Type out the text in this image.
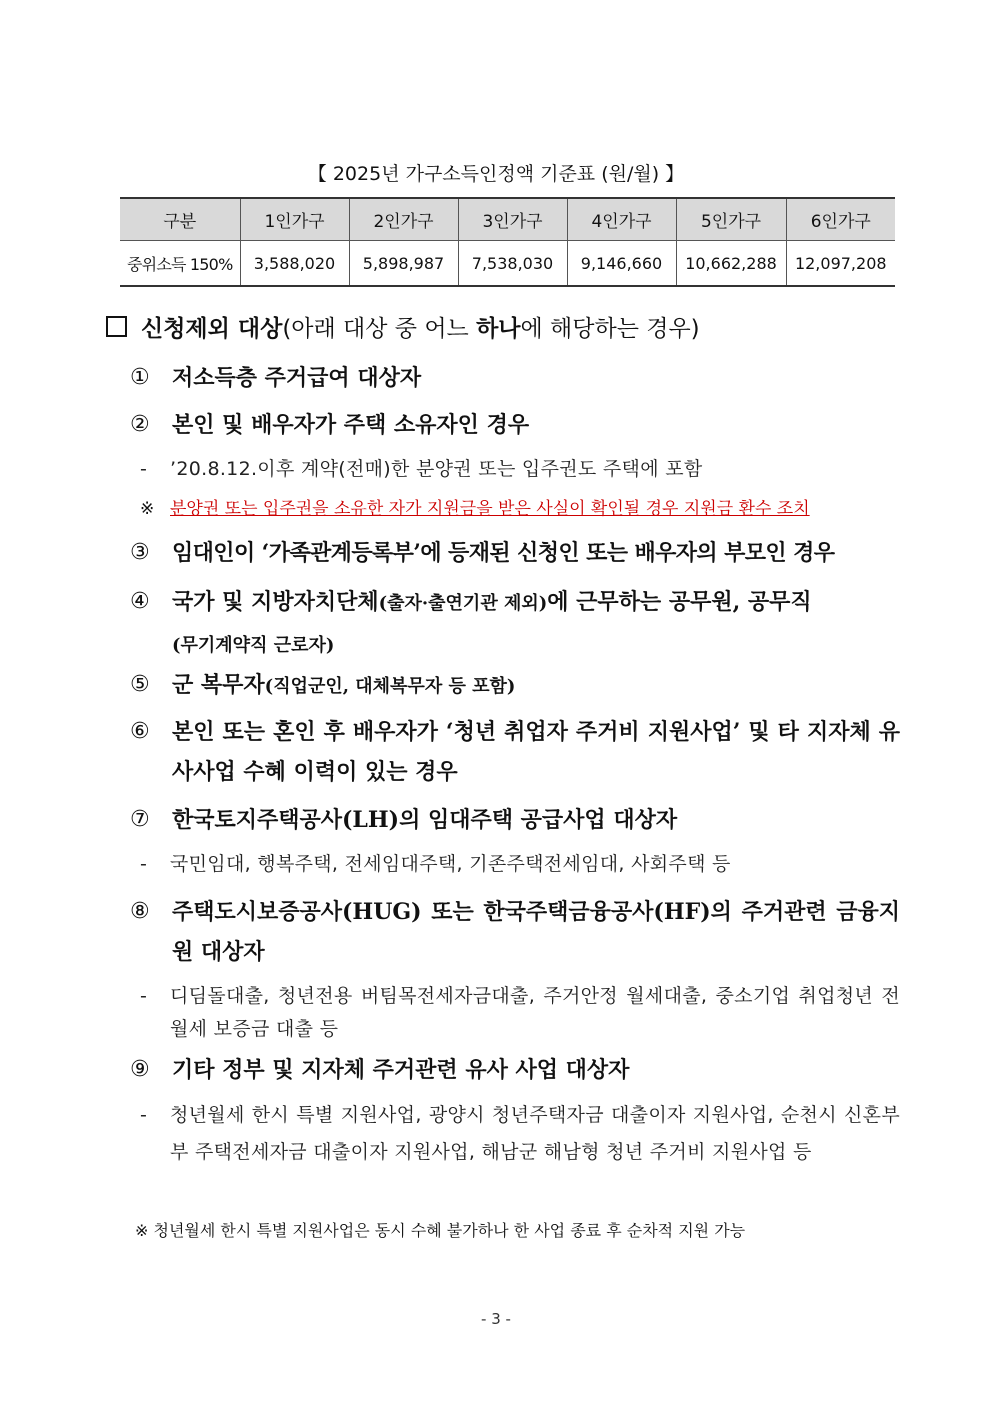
【 2025년 가구소득인정액 기준표 (원/월) 】
구분	1인가구	2인가구	3인가구	4인가구	5인가구	6인가구
중위소득 150%	3,588,020	5,898,987	7,538,030	9,146,660	10,662,288	12,097,208
신청제외 대상(아래 대상 중 어느 하나에 해당하는 경우)
①	저소득층 주거급여 대상자
②	본인 및 배우자가 주택 소유자인 경우
- ’20.8.12.이후 계약(전매)한 분양권 또는 입주권도 주택에 포함
※ 분양권 또는 입주권을 소유한 자가 지원금을 받은 사실이 확인될 경우 지원금 환수 조치
③	임대인이 ‘가족관계등록부’에 등재된 신청인 또는 배우자의 부모인 경우
④	국가 및 지방자치단체(출자·출연기관 제외)에 근무하는 공무원, 공무직
(무기계약직 근로자)
⑤	군 복무자(직업군인, 대체복무자 등 포함)
⑥	본인 또는 혼인 후 배우자가 ‘청년 취업자 주거비 지원사업’ 및 타 지자체 유사사업 수혜 이력이 있는 경우
⑦	한국토지주택공사(LH)의 임대주택 공급사업 대상자
- 국민임대, 행복주택, 전세임대주택, 기존주택전세임대, 사회주택 등
⑧	주택도시보증공사(HUG) 또는 한국주택금융공사(HF)의 주거관련 금융지원 대상자
- 디딤돌대출, 청년전용 버팀목전세자금대출, 주거안정 월세대출, 중소기업 취업청년 전월세 보증금 대출 등
⑨	기타 정부 및 지자체 주거관련 유사 사업 대상자
- 청년월세 한시 특별 지원사업, 광양시 청년주택자금 대출이자 지원사업, 순천시 신혼부부 주택전세자금 대출이자 지원사업, 해남군 해남형 청년 주거비 지원사업 등
※ 청년월세 한시 특별 지원사업은 동시 수혜 불가하나 한 사업 종료 후 순차적 지원 가능
- 3 -
